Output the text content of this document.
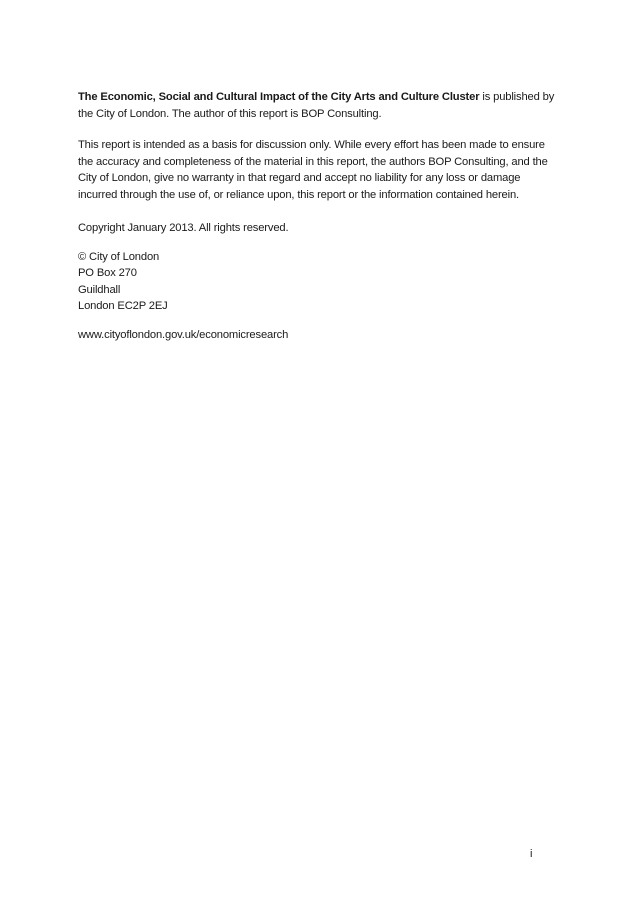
The Economic, Social and Cultural Impact of the City Arts and Culture Cluster is published by the City of London. The author of this report is BOP Consulting.

This report is intended as a basis for discussion only. While every effort has been made to ensure the accuracy and completeness of the material in this report, the authors BOP Consulting, and the City of London, give no warranty in that regard and accept no liability for any loss or damage incurred through the use of, or reliance upon, this report or the information contained herein.

Copyright January 2013. All rights reserved.

© City of London
PO Box 270
Guildhall
London EC2P 2EJ

www.cityoflondon.gov.uk/economicresearch

i
